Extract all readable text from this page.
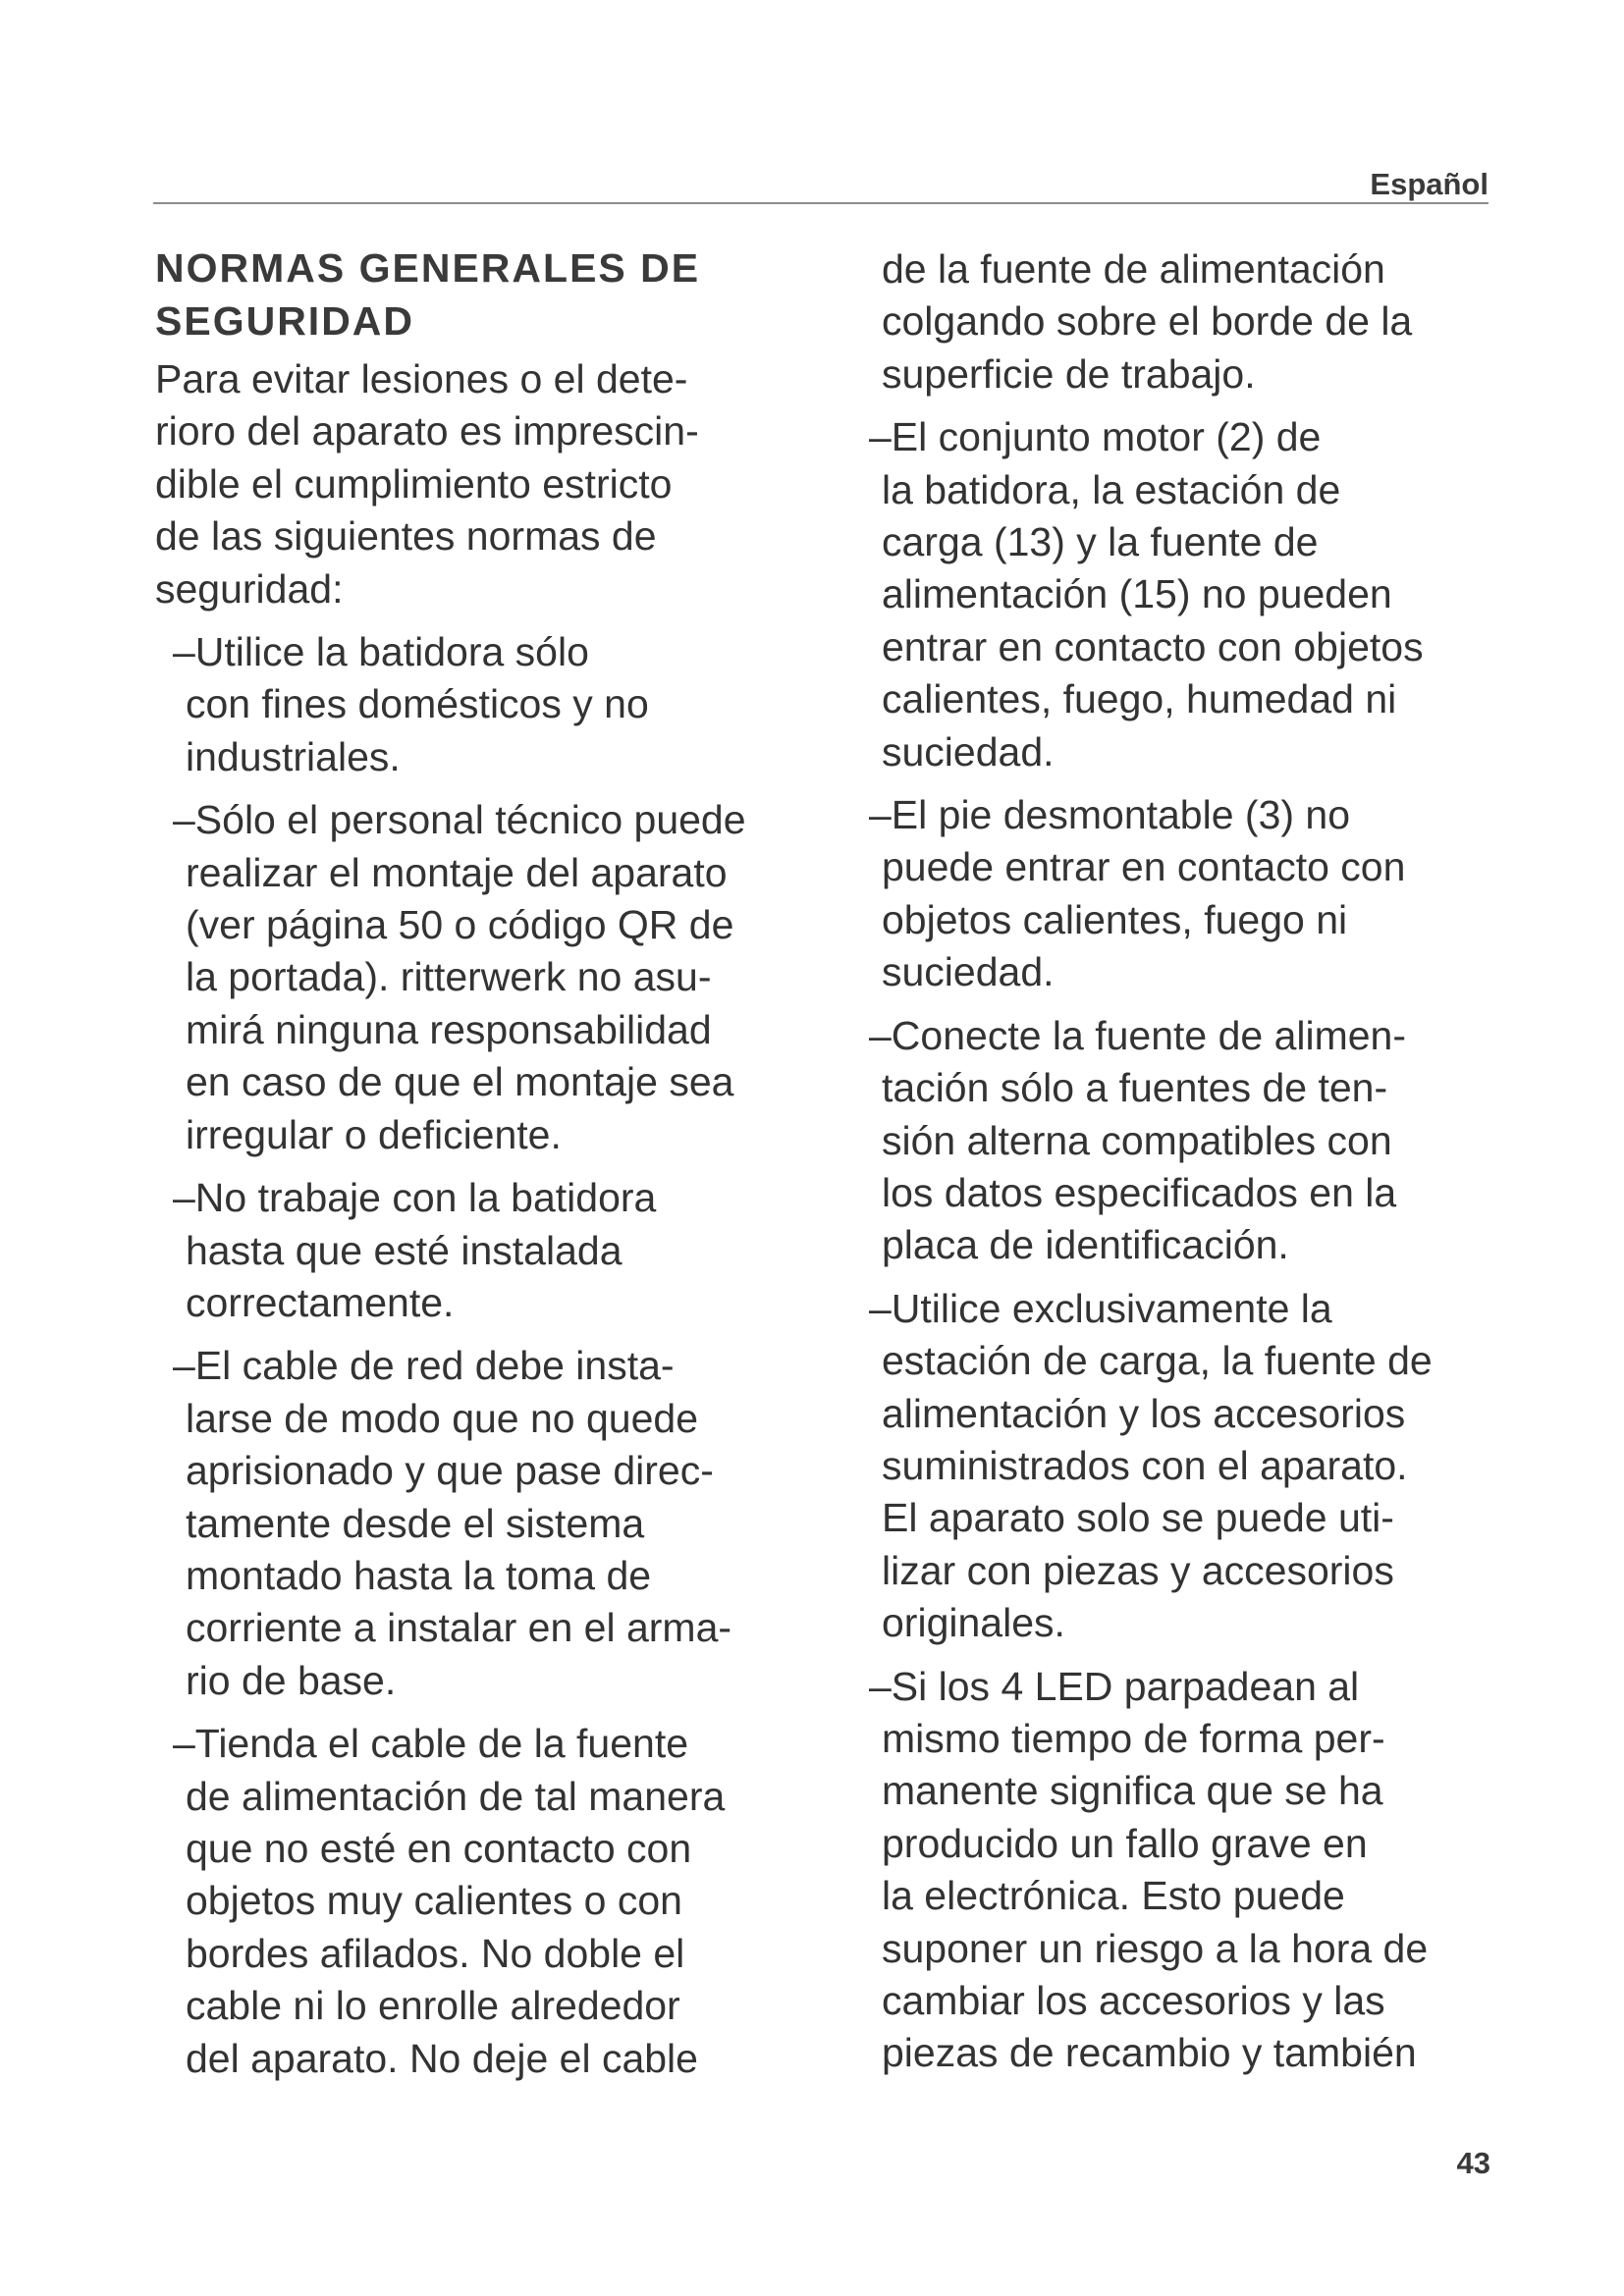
Español
NORMAS GENERALES DE
SEGURIDAD
Para evitar lesiones o el dete-
rioro del aparato es imprescin-
dible el cumplimiento estricto
de las siguientes normas de
seguridad:
–Utilice la batidora sólo
con fines domésticos y no
industriales.
–Sólo el personal técnico puede
realizar el montaje del aparato
(ver página 50 o código QR de
la portada). ritterwerk no asu-
mirá ninguna responsabilidad
en caso de que el montaje sea
irregular o deficiente.
–No trabaje con la batidora
hasta que esté instalada
correctamente.
–El cable de red debe insta-
larse de modo que no quede
aprisionado y que pase direc-
tamente desde el sistema
montado hasta la toma de
corriente a instalar en el arma-
rio de base.
–Tienda el cable de la fuente
de alimentación de tal manera
que no esté en contacto con
objetos muy calientes o con
bordes afilados. No doble el
cable ni lo enrolle alrededor
del aparato. No deje el cable
de la fuente de alimentación
colgando sobre el borde de la
superficie de trabajo.
–El conjunto motor (2) de
la batidora, la estación de
carga (13) y la fuente de
alimentación (15) no pueden
entrar en contacto con objetos
calientes, fuego, humedad ni
suciedad.
–El pie desmontable (3) no
puede entrar en contacto con
objetos calientes, fuego ni
suciedad.
–Conecte la fuente de alimen-
tación sólo a fuentes de ten-
sión alterna compatibles con
los datos especificados en la
placa de identificación.
–Utilice exclusivamente la
estación de carga, la fuente de
alimentación y los accesorios
suministrados con el aparato.
El aparato solo se puede uti-
lizar con piezas y accesorios
originales.
–Si los 4 LED parpadean al
mismo tiempo de forma per-
manente significa que se ha
producido un fallo grave en
la electrónica. Esto puede
suponer un riesgo a la hora de
cambiar los accesorios y las
piezas de recambio y también
43
